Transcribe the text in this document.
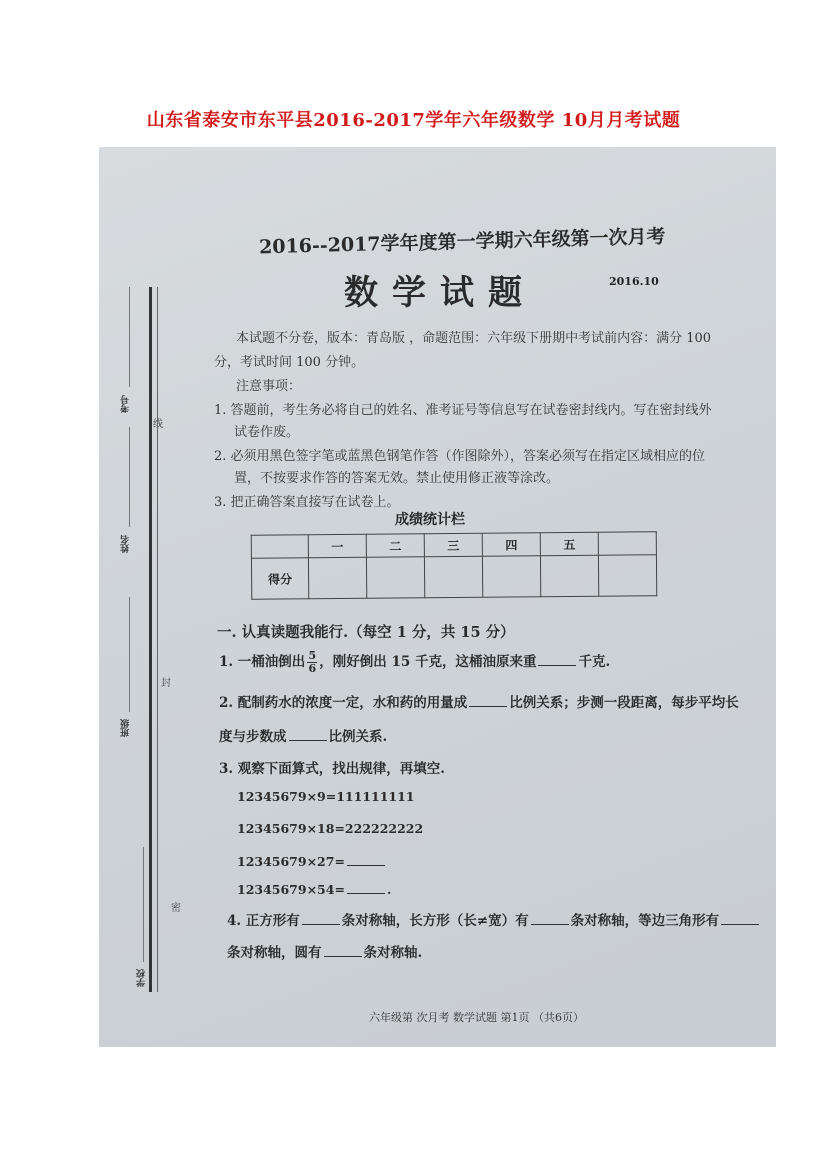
山东省泰安市东平县2016-2017学年六年级数学 10月月考试题
考号
姓名
班级
学校
线
封
密
2016--2017学年度第一学期六年级第一次月考
数学试题	2016.10
本试题不分卷，版本：青岛版 ，命题范围：六年级下册期中考试前内容：满分 100
分，考试时间 100 分钟。
注意事项：
1. 答题前，考生务必将自己的姓名、准考证号等信息写在试卷密封线内。写在密封线外
试卷作废。
2. 必须用黑色签字笔或蓝黑色钢笔作答（作图除外），答案必须写在指定区域相应的位
置，不按要求作答的答案无效。禁止使用修正液等涂改。
3. 把正确答案直接写在试卷上。
成绩统计栏
	一	二	三	四	五	
得分						
一. 认真读题我能行.（每空 1 分，共 15 分）
1. 一桶油倒出 $\frac{5}{6}$ ，刚好倒出 15 千克，这桶油原来重	千克.
2. 配制药水的浓度一定，水和药的用量成	比例关系；步测一段距离，每步平均长
度与步数成	比例关系.
3. 观察下面算式，找出规律，再填空.
12345679×9=111111111
12345679×18=222222222
12345679×27=
12345679×54=	.
4. 正方形有	条对称轴，长方形（长≠宽）有	条对称轴，等边三角形有
条对称轴，圆有	条对称轴.
六年级第 次月考 数学试题 第1页 （共6页）
